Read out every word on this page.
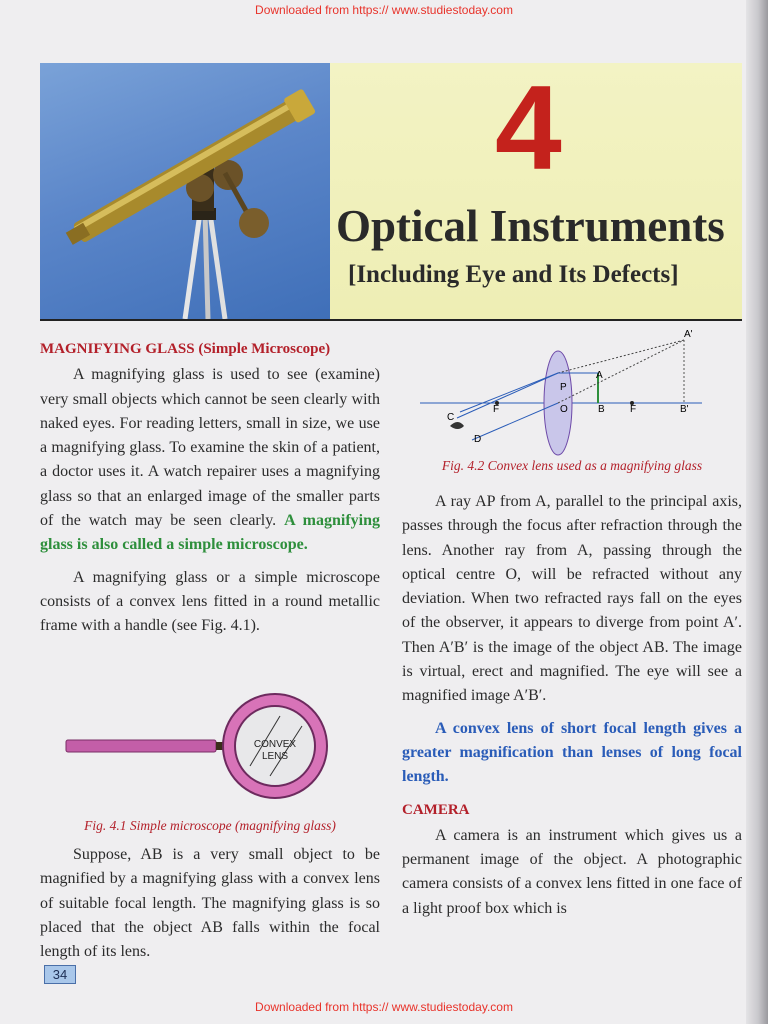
Downloaded from https:// www.studiestoday.com
4
Optical Instruments
[Including Eye and Its Defects]
MAGNIFYING GLASS (Simple Microscope)

A magnifying glass is used to see (examine) very small objects which cannot be seen clearly with naked eyes. For reading letters, small in size, we use a magnifying glass. To examine the skin of a patient, a doctor uses it. A watch repairer uses a magnifying glass so that an enlarged image of the smaller parts of the watch may be seen clearly. A magnifying glass is also called a simple microscope.

A magnifying glass or a simple microscope consists of a convex lens fitted in a round metallic frame with a handle (see Fig. 4.1).

CONVEX
LENS
Fig. 4.1 Simple microscope (magnifying glass)

Suppose, AB is a very small object to be magnified by a magnifying glass with a convex lens of suitable focal length. The magnifying glass is so placed that the object AB falls within the focal length of its lens.

A'
A
P
C
F	O	B	F	B'
D
Fig. 4.2 Convex lens used as a magnifying glass

A ray AP from A, parallel to the principal axis, passes through the focus after refraction through the lens. Another ray from A, passing through the optical centre O, will be refracted without any deviation. When two refracted rays fall on the eyes of the observer, it appears to diverge from point A′. Then A′B′ is the image of the object AB. The image is virtual, erect and magnified. The eye will see a magnified image A′B′.

A convex lens of short focal length gives a greater magnification than lenses of long focal length.

CAMERA

A camera is an instrument which gives us a permanent image of the object. A photographic camera consists of a convex lens fitted in one face of a light proof box which is

34
Downloaded from https:// www.studiestoday.com
